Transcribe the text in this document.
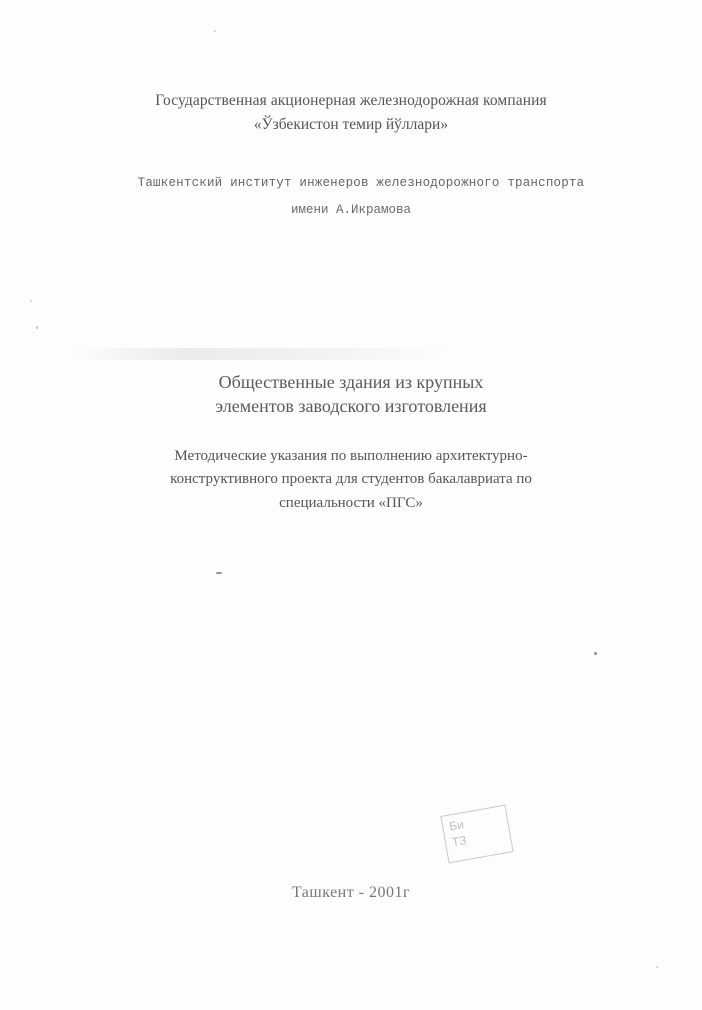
Государственная акционерная железнодорожная компания

«Ўзбекистон темир йўллари»

Ташкентский институт инженеров железнодорожного транспорта

имени А.Икрамова

Общественные здания из крупных

элементов заводского изготовления

Методические указания по выполнению архитектурно-

конструктивного проекта для студентов бакалавриата по

специальности «ПГС»

Би
ТЗ

Ташкент - 2001г
